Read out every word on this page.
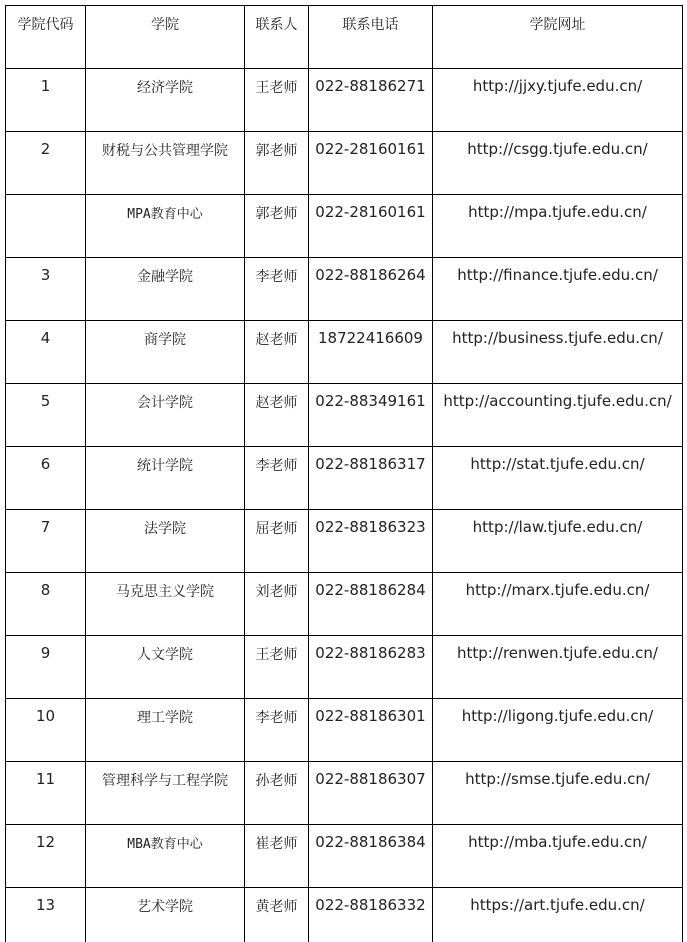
学院代码	学院	联系人	联系电话	学院网址
1	经济学院	王老师	022-88186271	http://jjxy.tjufe.edu.cn/
2	财税与公共管理学院	郭老师	022-28160161	http://csgg.tjufe.edu.cn/
	MPA教育中心	郭老师	022-28160161	http://mpa.tjufe.edu.cn/
3	金融学院	李老师	022-88186264	http://finance.tjufe.edu.cn/
4	商学院	赵老师	18722416609	http://business.tjufe.edu.cn/
5	会计学院	赵老师	022-88349161	http://accounting.tjufe.edu.cn/
6	统计学院	李老师	022-88186317	http://stat.tjufe.edu.cn/
7	法学院	屈老师	022-88186323	http://law.tjufe.edu.cn/
8	马克思主义学院	刘老师	022-88186284	http://marx.tjufe.edu.cn/
9	人文学院	王老师	022-88186283	http://renwen.tjufe.edu.cn/
10	理工学院	李老师	022-88186301	http://ligong.tjufe.edu.cn/
11	管理科学与工程学院	孙老师	022-88186307	http://smse.tjufe.edu.cn/
12	MBA教育中心	崔老师	022-88186384	http://mba.tjufe.edu.cn/
13	艺术学院	黄老师	022-88186332	https://art.tjufe.edu.cn/
